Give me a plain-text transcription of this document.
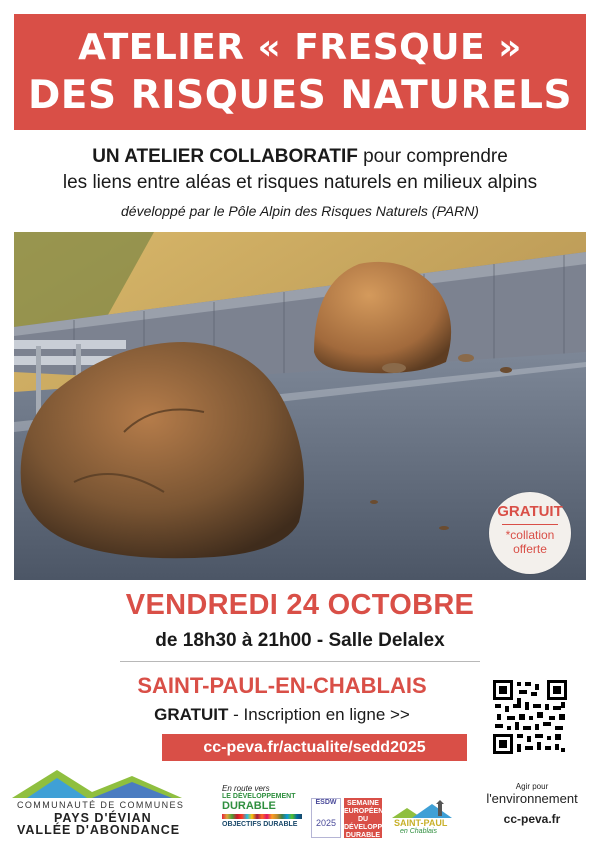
ATELIER « FRESQUE »
DES RISQUES NATURELS
UN ATELIER COLLABORATIF pour comprendre
les liens entre aléas et risques naturels en milieux alpins
développé par le Pôle Alpin des Risques Naturels (PARN)
GRATUIT
*collation offerte
VENDREDI 24 OCTOBRE
de 18h30 à 21h00 - Salle Delalex
SAINT-PAUL-EN-CHABLAIS
GRATUIT - Inscription en ligne >>
cc-peva.fr/actualite/sedd2025
COMMUNAUTÉ DE COMMUNES
PAYS D'ÉVIAN
VALLÉE D'ABONDANCE
En route vers
LE DÉVELOPPEMENT
DURABLE
OBJECTIFS DURABLE
ESDW
2025
SEMAINE EUROPÉENNE DU DÉVELOPPEMENT DURABLE
SAINT-PAUL
en Chablais
Agir pour
l'environnement
cc-peva.fr
